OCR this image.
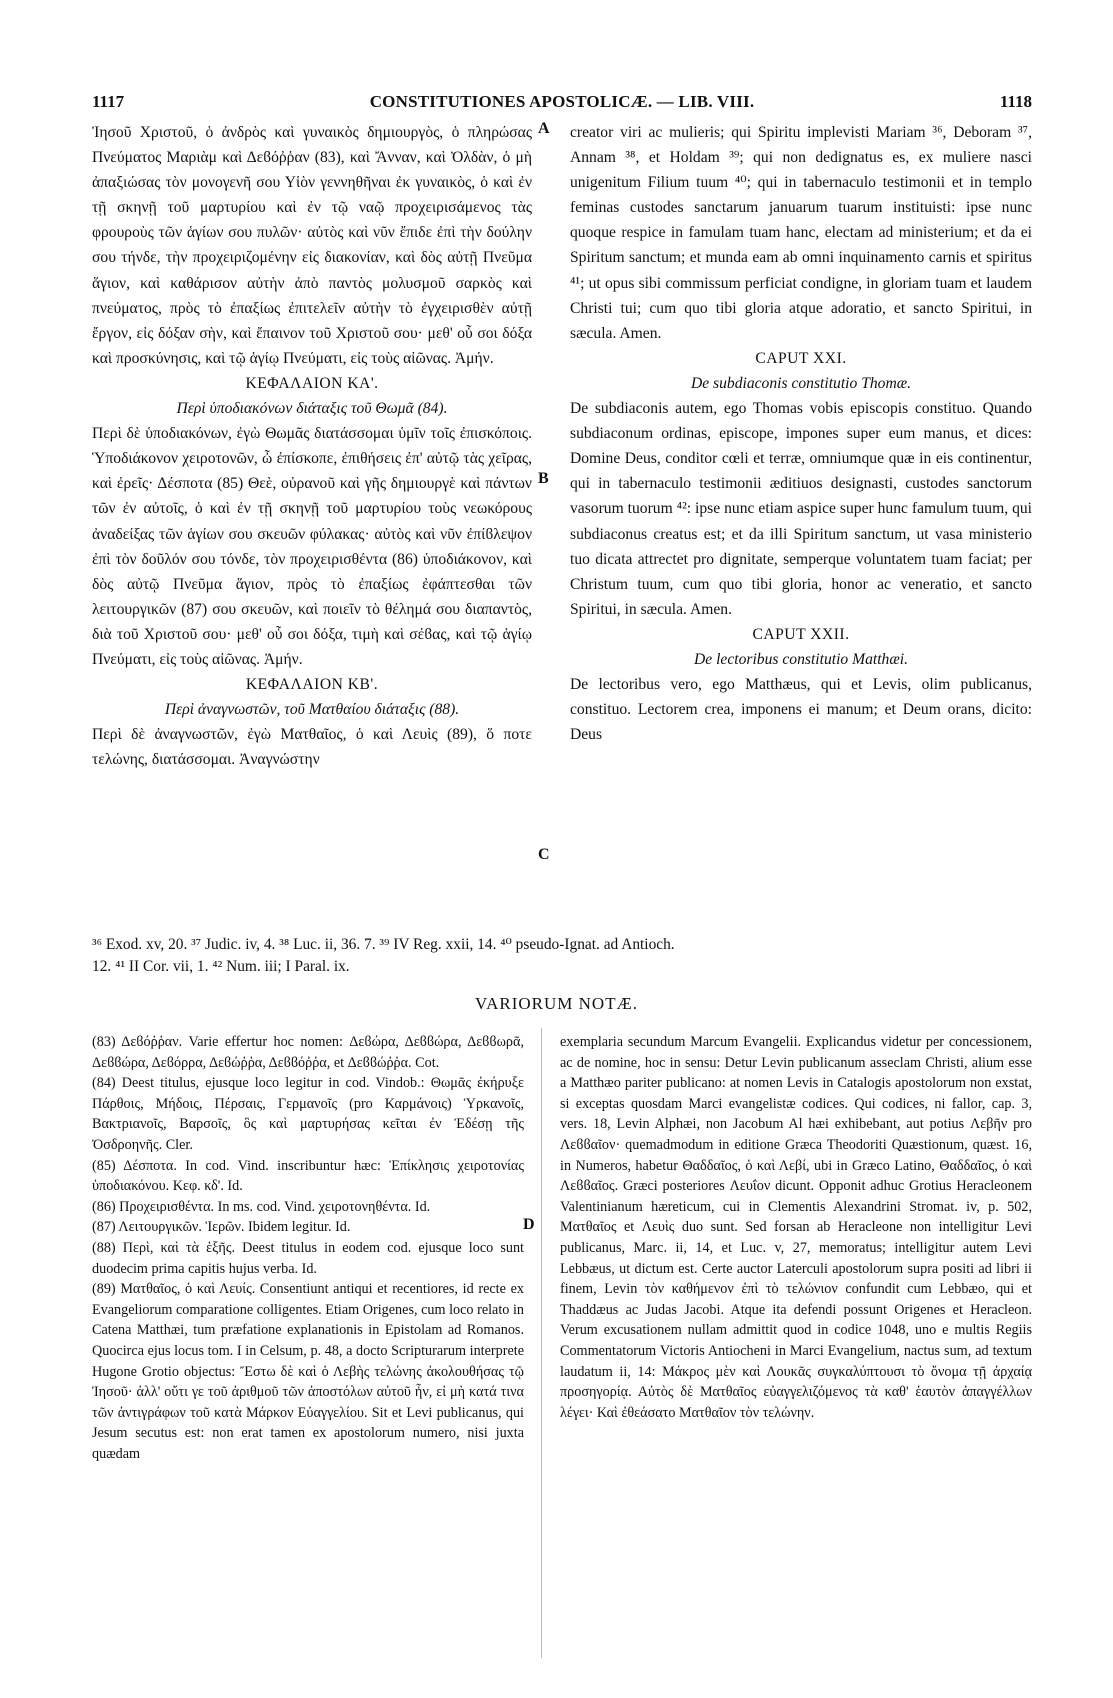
1117	CONSTITUTIONES APOSTOLICÆ. — LIB. VIII.	1118

Ἰησοῦ Χριστοῦ, ὁ ἀνδρὸς καὶ γυναικὸς δημιουργὸς, ὁ πληρώσας Πνεύματος Μαριὰμ καὶ Δεϐόῤῥαν (83), καὶ Ἄνναν, καὶ Ὀλδὰν, ὁ μὴ ἀπαξιώσας τὸν μονογενῆ σου Υἱὸν γεννηθῆναι ἐκ γυναικὸς, ὁ καὶ ἐν τῇ σκηνῇ τοῦ μαρτυρίου καὶ ἐν τῷ ναῷ προχειρισάμενος τὰς φρουροὺς τῶν ἁγίων σου πυλῶν· αὐτὸς καὶ νῦν ἔπιδε ἐπὶ τὴν δούλην σου τήνδε, τὴν προχειριζομένην εἰς διακονίαν, καὶ δὸς αὐτῇ Πνεῦμα ἅγιον, καὶ καθάρισον αὐτὴν ἀπὸ παντὸς μολυσμοῦ σαρκὸς καὶ πνεύματος, πρὸς τὸ ἐπαξίως ἐπιτελεῖν αὐτὴν τὸ ἐγχειρισθὲν αὐτῇ ἔργον, εἰς δόξαν σὴν, καὶ ἔπαινον τοῦ Χριστοῦ σου· μεθ' οὗ σοι δόξα καὶ προσκύνησις, καὶ τῷ ἁγίῳ Πνεύματι, εἰς τοὺς αἰῶνας. Ἀμήν.

ΚΕΦΑΛΑΙΟΝ ΚΑ'.

Περὶ ὑποδιακόνων διάταξις τοῦ Θωμᾶ (84).

Περὶ δὲ ὑποδιακόνων, ἐγὼ Θωμᾶς διατάσσομαι ὑμῖν τοῖς ἐπισκόποις. Ὑποδιάκονον χειροτονῶν, ὦ ἐπίσκοπε, ἐπιθήσεις ἐπ' αὐτῷ τὰς χεῖρας, καὶ ἐρεῖς· Δέσποτα (85) Θεὲ, οὐρανοῦ καὶ γῆς δημιουργὲ καὶ πάντων τῶν ἐν αὐτοῖς, ὁ καὶ ἐν τῇ σκηνῇ τοῦ μαρτυρίου τοὺς νεωκόρους ἀναδείξας τῶν ἁγίων σου σκευῶν φύλακας· αὐτὸς καὶ νῦν ἐπίϐλεψον ἐπὶ τὸν δοῦλόν σου τόνδε, τὸν προχειρισθέντα (86) ὑποδιάκονον, καὶ δὸς αὐτῷ Πνεῦμα ἅγιον, πρὸς τὸ ἐπαξίως ἐφάπτεσθαι τῶν λειτουργικῶν (87) σου σκευῶν, καὶ ποιεῖν τὸ θέλημά σου διαπαντὸς, διὰ τοῦ Χριστοῦ σου· μεθ' οὗ σοι δόξα, τιμὴ καὶ σέϐας, καὶ τῷ ἁγίῳ Πνεύματι, εἰς τοὺς αἰῶνας. Ἀμήν.

ΚΕΦΑΛΑΙΟΝ ΚΒ'.

Περὶ ἀναγνωστῶν, τοῦ Ματθαίου διάταξις (88).

Περὶ δὲ ἀναγνωστῶν, ἐγὼ Ματθαῖος, ὁ καὶ Λευὶς (89), ὅ ποτε τελώνης, διατάσσομαι. Ἀναγνώστην

A
B
C

creator viri ac mulieris; qui Spiritu implevisti Mariam ³⁶, Deboram ³⁷, Annam ³⁸, et Holdam ³⁹; qui non dedignatus es, ex muliere nasci unigenitum Filium tuum ⁴⁰; qui in tabernaculo testimonii et in templo feminas custodes sanctarum januarum tuarum instituisti: ipse nunc quoque respice in famulam tuam hanc, electam ad ministerium; et da ei Spiritum sanctum; et munda eam ab omni inquinamento carnis et spiritus ⁴¹; ut opus sibi commissum perficiat condigne, in gloriam tuam et laudem Christi tui; cum quo tibi gloria atque adoratio, et sancto Spiritui, in sæcula. Amen.

CAPUT XXI.

De subdiaconis constitutio Thomæ.

De subdiaconis autem, ego Thomas vobis episcopis constituo. Quando subdiaconum ordinas, episcope, impones super eum manus, et dices: Domine Deus, conditor cœli et terræ, omniumque quæ in eis continentur, qui in tabernaculo testimonii æditiuos designasti, custodes sanctorum vasorum tuorum ⁴²: ipse nunc etiam aspice super hunc famulum tuum, qui subdiaconus creatus est; et da illi Spiritum sanctum, ut vasa ministerio tuo dicata attrectet pro dignitate, semperque voluntatem tuam faciat; per Christum tuum, cum quo tibi gloria, honor ac veneratio, et sancto Spiritui, in sæcula. Amen.

CAPUT XXII.

De lectoribus constitutio Matthæi.

De lectoribus vero, ego Matthæus, qui et Levis, olim publicanus, constituo. Lectorem crea, imponens ei manum; et Deum orans, dicito: Deus

³⁶ Exod. xv, 20. ³⁷ Judic. iv, 4. ³⁸ Luc. ii, 36. 7. ³⁹ IV Reg. xxii, 14. ⁴⁰ pseudo-Ignat. ad Antioch.

12. ⁴¹ II Cor. vii, 1. ⁴² Num. iii; I Paral. ix.

VARIORUM NOTÆ.
D

(83) Δεϐόῤῥαν. Varie effertur hoc nomen: Δεϐώρα, Δεϐϐώρα, Δεϐϐωρᾶ, Δεϐϐώρα, Δεϐόρρα, Δεϐώῤῥα, Δεϐϐόῤῥα, et Δεϐϐώῤῥα. Cot.

(84) Deest titulus, ejusque loco legitur in cod. Vindob.: Θωμᾶς ἐκήρυξε Πάρθοις, Μήδοις, Πέρσαις, Γερμανοῖς (pro Καρμάνοις) Ὑρκανοῖς, Βακτριανοῖς, Βαρσοῖς, ὃς καὶ μαρτυρήσας κεῖται ἐν Ἐδέσῃ τῆς Ὀσδροηνῆς. Cler.

(85) Δέσποτα. In cod. Vind. inscribuntur hæc: Ἐπίκλησις χειροτονίας ὑποδιακόνου. Κεφ. κδ'. Id.

(86) Προχειρισθέντα. In ms. cod. Vind. χειροτονηθέντα. Id.

(87) Λειτουργικῶν. Ἱερῶν. Ibidem legitur. Id.

(88) Περὶ, καὶ τὰ ἑξῆς. Deest titulus in eodem cod. ejusque loco sunt duodecim prima capitis hujus verba. Id.

(89) Ματθαῖος, ὁ καὶ Λευίς. Consentiunt antiqui et recentiores, id recte ex Evangeliorum comparatione colligentes. Etiam Origenes, cum loco relato in Catena Matthæi, tum præfatione explanationis in Epistolam ad Romanos. Quocirca ejus locus tom. I in Celsum, p. 48, a docto Scripturarum interprete Hugone Grotio objectus: Ἔστω δὲ καὶ ὁ Λεβὴς τελώνης ἀκολουθήσας τῷ Ἰησοῦ· ἀλλ' οὔτι γε τοῦ ἀριθμοῦ τῶν ἀποστόλων αὐτοῦ ἦν, εἰ μὴ κατά τινα τῶν ἀντιγράφων τοῦ κατὰ Μάρκον Εὐαγγελίου. Sit et Levi publicanus, qui Jesum secutus est: non erat tamen ex apostolorum numero, nisi juxta quædam

exemplaria secundum Marcum Evangelii. Explicandus videtur per concessionem, ac de nomine, hoc in sensu: Detur Levin publicanum asseclam Christi, alium esse a Matthæo pariter publicano: at nomen Levis in Catalogis apostolorum non exstat, si exceptas quosdam Marci evangelistæ codices. Qui codices, ni fallor, cap. 3, vers. 18, Levin Alphæi, non Jacobum Al hæi exhibebant, aut potius Λεβῆν pro Λεϐϐαῖον· quemadmodum in editione Græca Theodoriti Quæstionum, quæst. 16, in Numeros, habetur Θαδδαῖος, ὁ καὶ Λεβί, ubi in Græco Latino, Θαδδαῖος, ὁ καὶ Λεϐϐαῖος. Græci posteriores Λευΐον dicunt. Opponit adhuc Grotius Heracleonem Valentinianum hæreticum, cui in Clementis Alexandrini Stromat. iv, p. 502, Ματθαῖος et Λευὶς duo sunt. Sed forsan ab Heracleone non intelligitur Levi publicanus, Marc. ii, 14, et Luc. v, 27, memoratus; intelligitur autem Levi Lebbæus, ut dictum est. Certe auctor Laterculi apostolorum supra positi ad libri ii finem, Levin τὸν καθήμενον ἐπὶ τὸ τελώνιον confundit cum Lebbæo, qui et Thaddæus ac Judas Jacobi. Atque ita defendi possunt Origenes et Heracleon. Verum excusationem nullam admittit quod in codice 1048, uno e multis Regiis Commentatorum Victoris Antiocheni in Marci Evangelium, nactus sum, ad textum laudatum ii, 14: Μάκρος μὲν καὶ Λουκᾶς συγκαλύπτουσι τὸ ὄνομα τῇ ἀρχαίᾳ προσηγορίᾳ. Αὐτὸς δὲ Ματθαῖος εὐαγγελιζόμενος τὰ καθ' ἑαυτὸν ἀπαγγέλλων λέγει· Καὶ ἐθεάσατο Ματθαῖον τὸν τελώνην.
